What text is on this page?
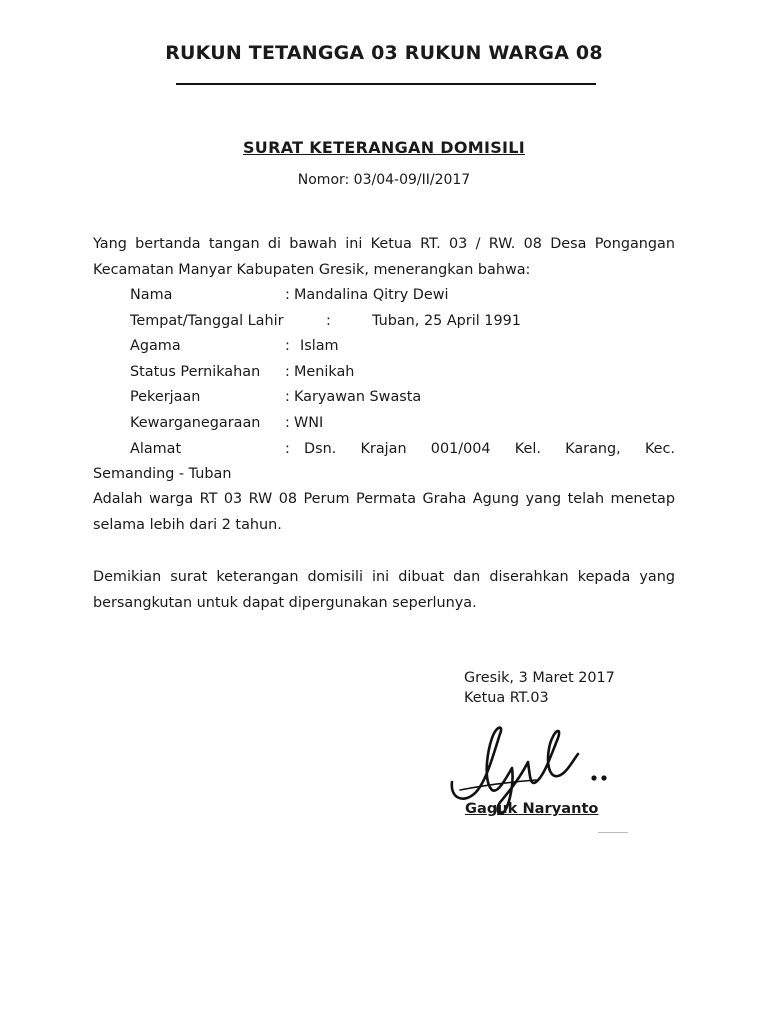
RUKUN TETANGGA 03 RUKUN WARGA 08
SURAT KETERANGAN DOMISILI
Nomor: 03/04-09/II/2017
Yang bertanda tangan di bawah ini Ketua RT. 03 / RW. 08 Desa Pongangan Kecamatan Manyar Kabupaten Gresik, menerangkan bahwa:
Nama	: Mandalina Qitry Dewi
Tempat/Tanggal Lahir	:	Tuban, 25 April 1991
Agama	: Islam
Status Pernikahan : Menikah
Pekerjaan	: Karyawan Swasta
Kewarganegaraan : WNI
Alamat	: Dsn. Krajan 001/004 Kel. Karang, Kec.
Semanding - Tuban
Adalah warga RT 03 RW 08 Perum Permata Graha Agung yang telah menetap selama lebih dari 2 tahun.
Demikian surat keterangan domisili ini dibuat dan diserahkan kepada yang bersangkutan untuk dapat dipergunakan seperlunya.
Gresik, 3 Maret 2017
Ketua RT.03
Gaguk Naryanto
